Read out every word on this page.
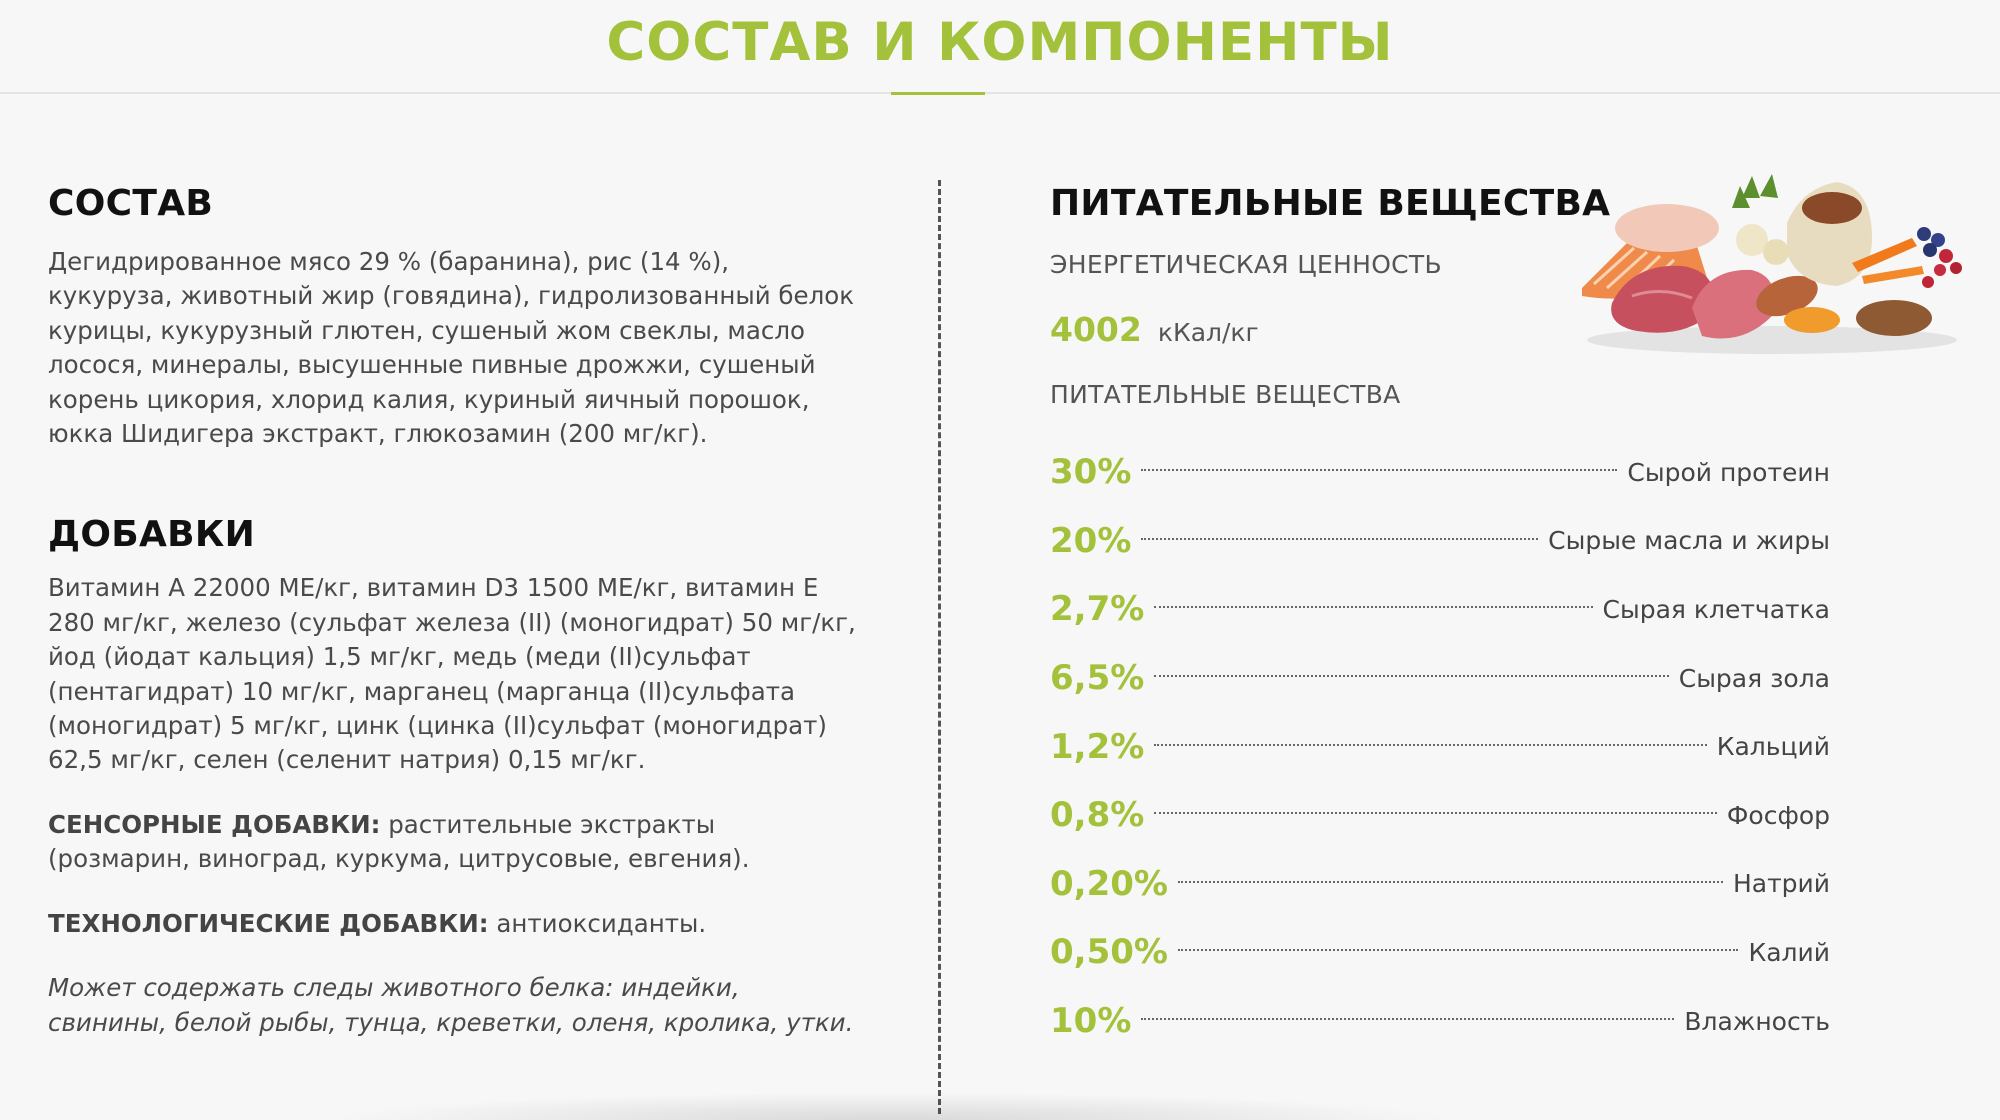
СОСТАВ И КОМПОНЕНТЫ
СОСТАВ

Дегидрированное мясо 29 % (баранина), рис (14 %),
кукуруза, животный жир (говядина), гидролизованный белок
курицы, кукурузный глютен, сушеный жом свеклы, масло
лосося, минералы, высушенные пивные дрожжи, сушеный
корень цикория, хлорид калия, куриный яичный порошок,
юкка Шидигера экстракт, глюкозамин (200 мг/кг).

ДОБАВКИ

Витамин А 22000 МЕ/кг, витамин D3 1500 МЕ/кг, витамин Е
280 мг/кг, железо (сульфат железа (II) (моногидрат) 50 мг/кг,
йод (йодат кальция) 1,5 мг/кг, медь (меди (II)сульфат
(пентагидрат) 10 мг/кг, марганец (марганца (II)сульфата
(моногидрат) 5 мг/кг, цинк (цинка (II)сульфат (моногидрат)
62,5 мг/кг, селен (селенит натрия) 0,15 мг/кг.

СЕНСОРНЫЕ ДОБАВКИ: растительные экстракты
(розмарин, виноград, куркума, цитрусовые, евгения).
ТЕХНОЛОГИЧЕСКИЕ ДОБАВКИ: антиоксиданты.
Может содержать следы животного белка: индейки,
свинины, белой рыбы, тунца, креветки, оленя, кролика, утки.
ПИТАТЕЛЬНЫЕ ВЕЩЕСТВА

ЭНЕРГЕТИЧЕСКАЯ ЦЕННОСТЬ

4002 кКал/кг

ПИТАТЕЛЬНЫЕ ВЕЩЕСТВА

30%	Сырой протеин
20%	Сырые масла и жиры
2,7%	Сырая клетчатка
6,5%	Сырая зола
1,2%	Кальций
0,8%	Фосфор
0,20%	Натрий
0,50%	Калий
10%	Влажность
